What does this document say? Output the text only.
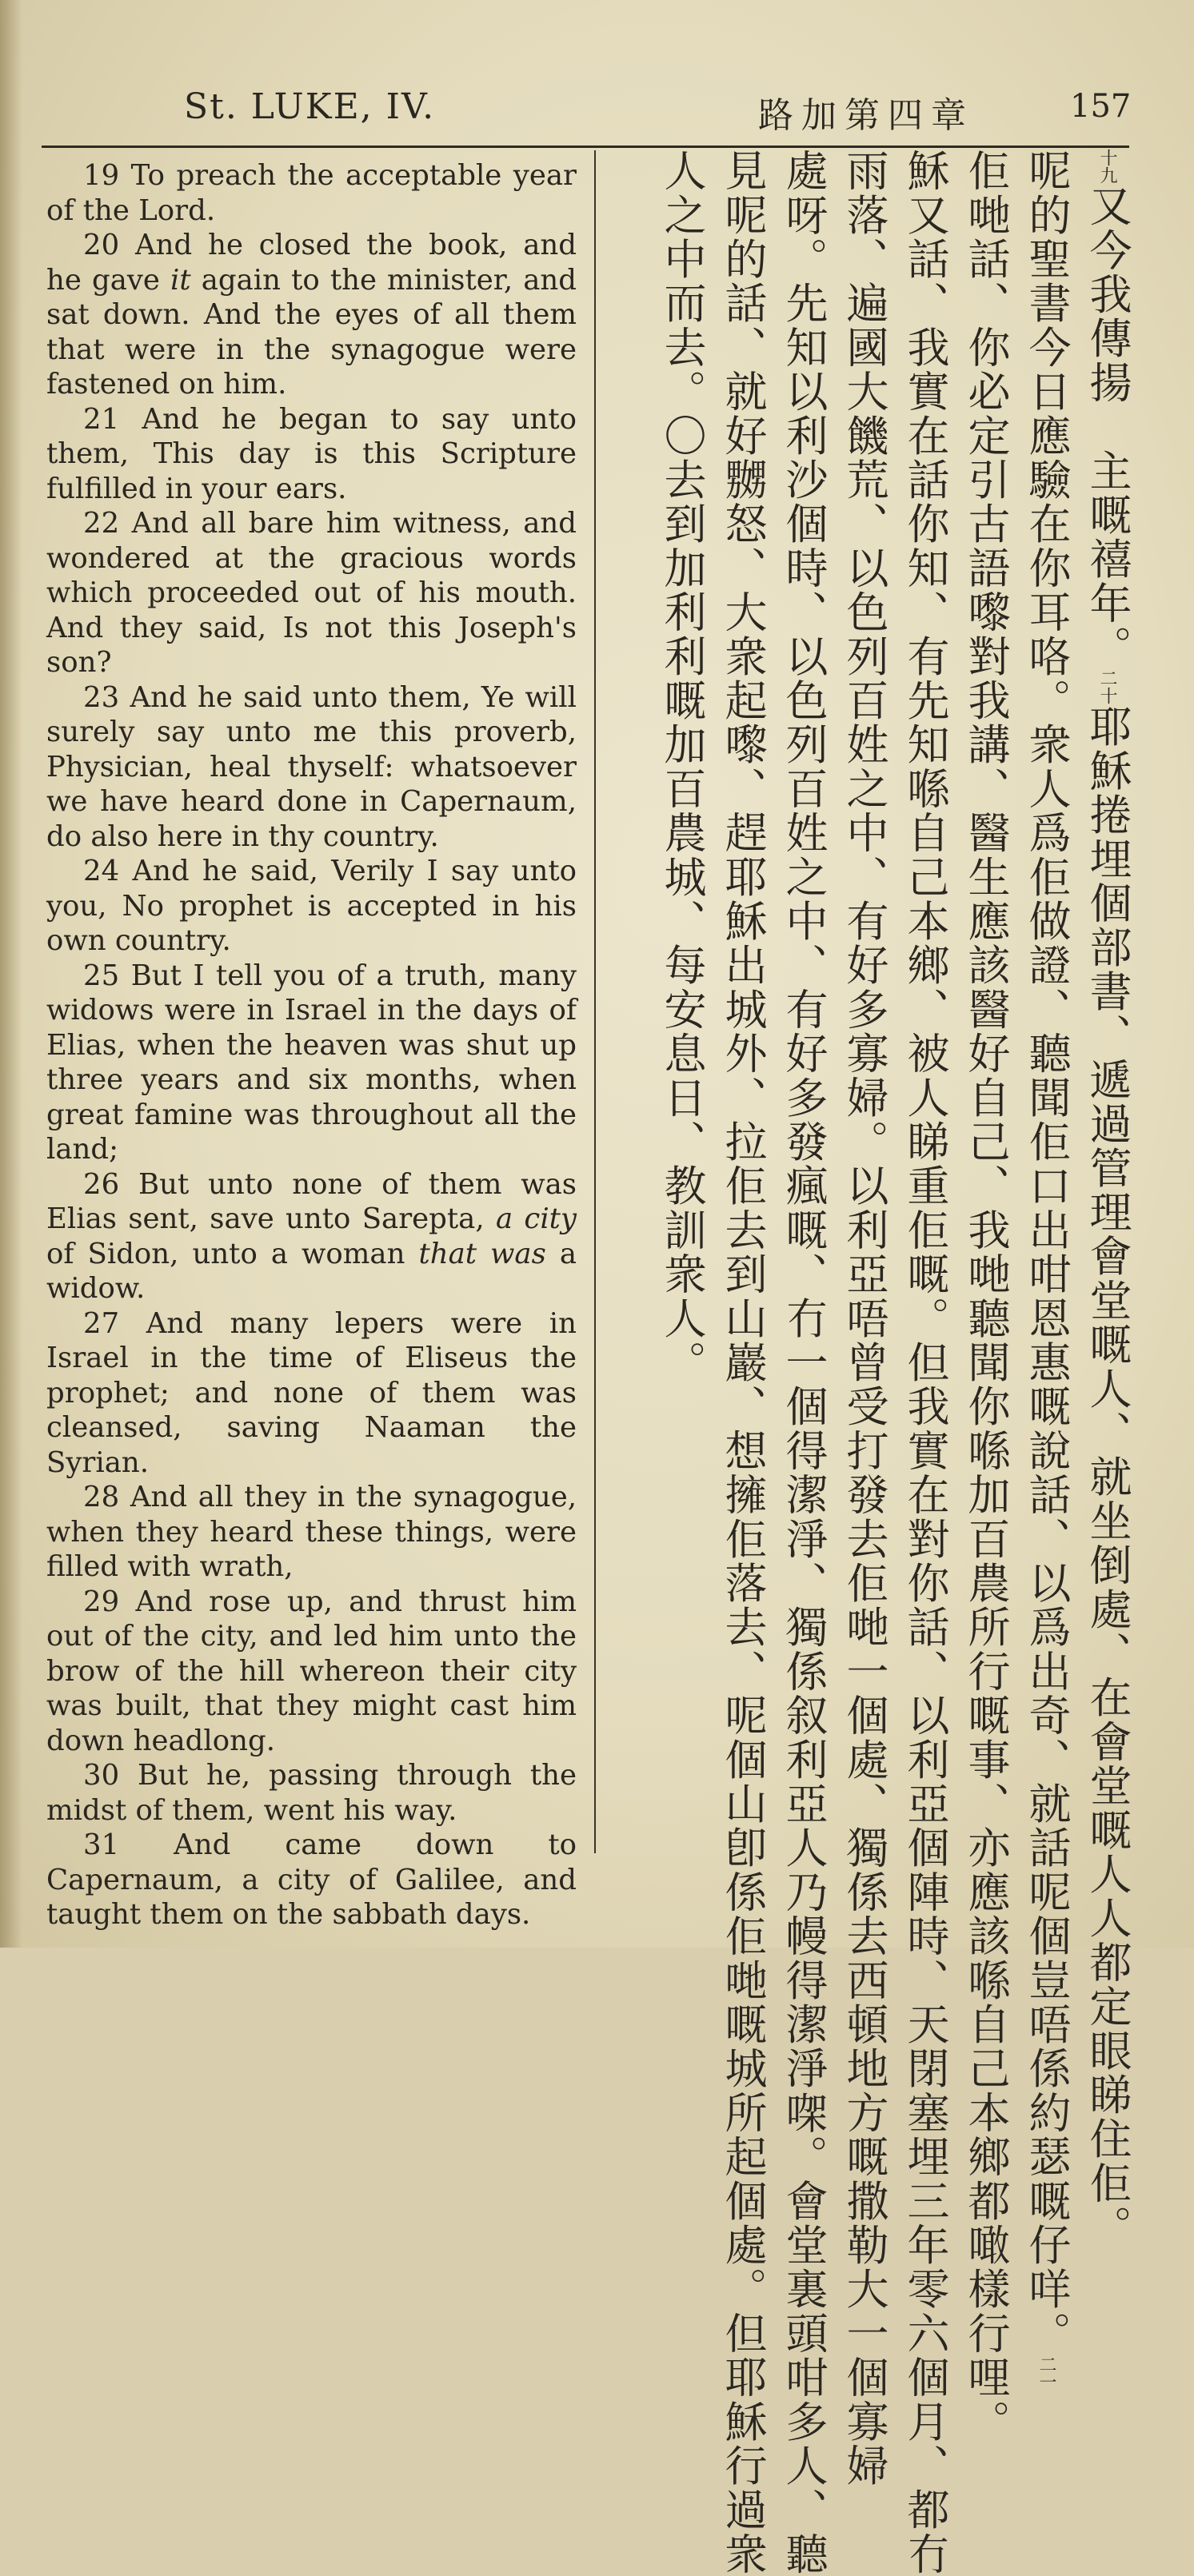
St. LUKE, IV.	路加第四章	157

19 To preach the acceptable year of the Lord.

20 And he closed the book, and he gave it again to the minister, and sat down. And the eyes of all them that were in the synagogue were fastened on him.

21 And he began to say unto them, This day is this Scripture fulfilled in your ears.

22 And all bare him witness, and wondered at the gracious words which proceeded out of his mouth. And they said, Is not this Joseph's son?

23 And he said unto them, Ye will surely say unto me this proverb, Physician, heal thyself: whatsoever we have heard done in Capernaum, do also here in thy country.

24 And he said, Verily I say unto you, No prophet is accepted in his own country.

25 But I tell you of a truth, many widows were in Israel in the days of Elias, when the heaven was shut up three years and six months, when great famine was throughout all the land;

26 But unto none of them was Elias sent, save unto Sarepta, a city of Sidon, unto a woman that was a widow.

27 And many lepers were in Israel in the time of Eliseus the prophet; and none of them was cleansed, saving Naaman the Syrian.

28 And all they in the synagogue, when they heard these things, were filled with wrath,

29 And rose up, and thrust him out of the city, and led him unto the brow of the hill whereon their city was built, that they might cast him down headlong.

30 But he, passing through the midst of them, went his way.

31 And came down to Capernaum, a city of Galilee, and taught them on the sabbath days.

十九又今我傳揚　主嘅禧年。二十耶穌捲埋個部書、遞過管理會堂嘅人、就坐倒處、在會堂嘅人人都定眼睇住佢。
呢的聖書今日應驗在你耳咯。衆人爲佢做證、聽聞佢口出咁恩惠嘅說話、以爲出奇、就話呢個豈唔係約瑟嘅仔咩。二一
佢哋話、你必定引古語嚟對我講、醫生應該醫好自己、我哋聽聞你喺加百農所行嘅事、亦應該喺自己本鄉都噉樣行哩。
穌又話、我實在話你知、有先知喺自己本鄉、被人睇重佢嘅。但我實在對你話、以利亞個陣時、天閉塞埋三年零六個月、都冇
雨落、遍國大饑荒、以色列百姓之中、有好多寡婦。以利亞唔曾受打發去佢哋一個處、獨係去西頓地方嘅撒勒大一個寡婦
處呀。先知以利沙個時、以色列百姓之中、有好多發瘋嘅、冇一個得潔淨、獨係叙利亞人乃幔得潔淨㗎。會堂裏頭咁多人、聽
見呢的話、就好嬲怒、大衆起嚟、趕耶穌出城外、拉佢去到山巖、想擁佢落去、呢個山卽係佢哋嘅城所起個處。但耶穌行過衆
人之中而去。〇去到加利利嘅加百農城、每安息日、教訓衆人。
